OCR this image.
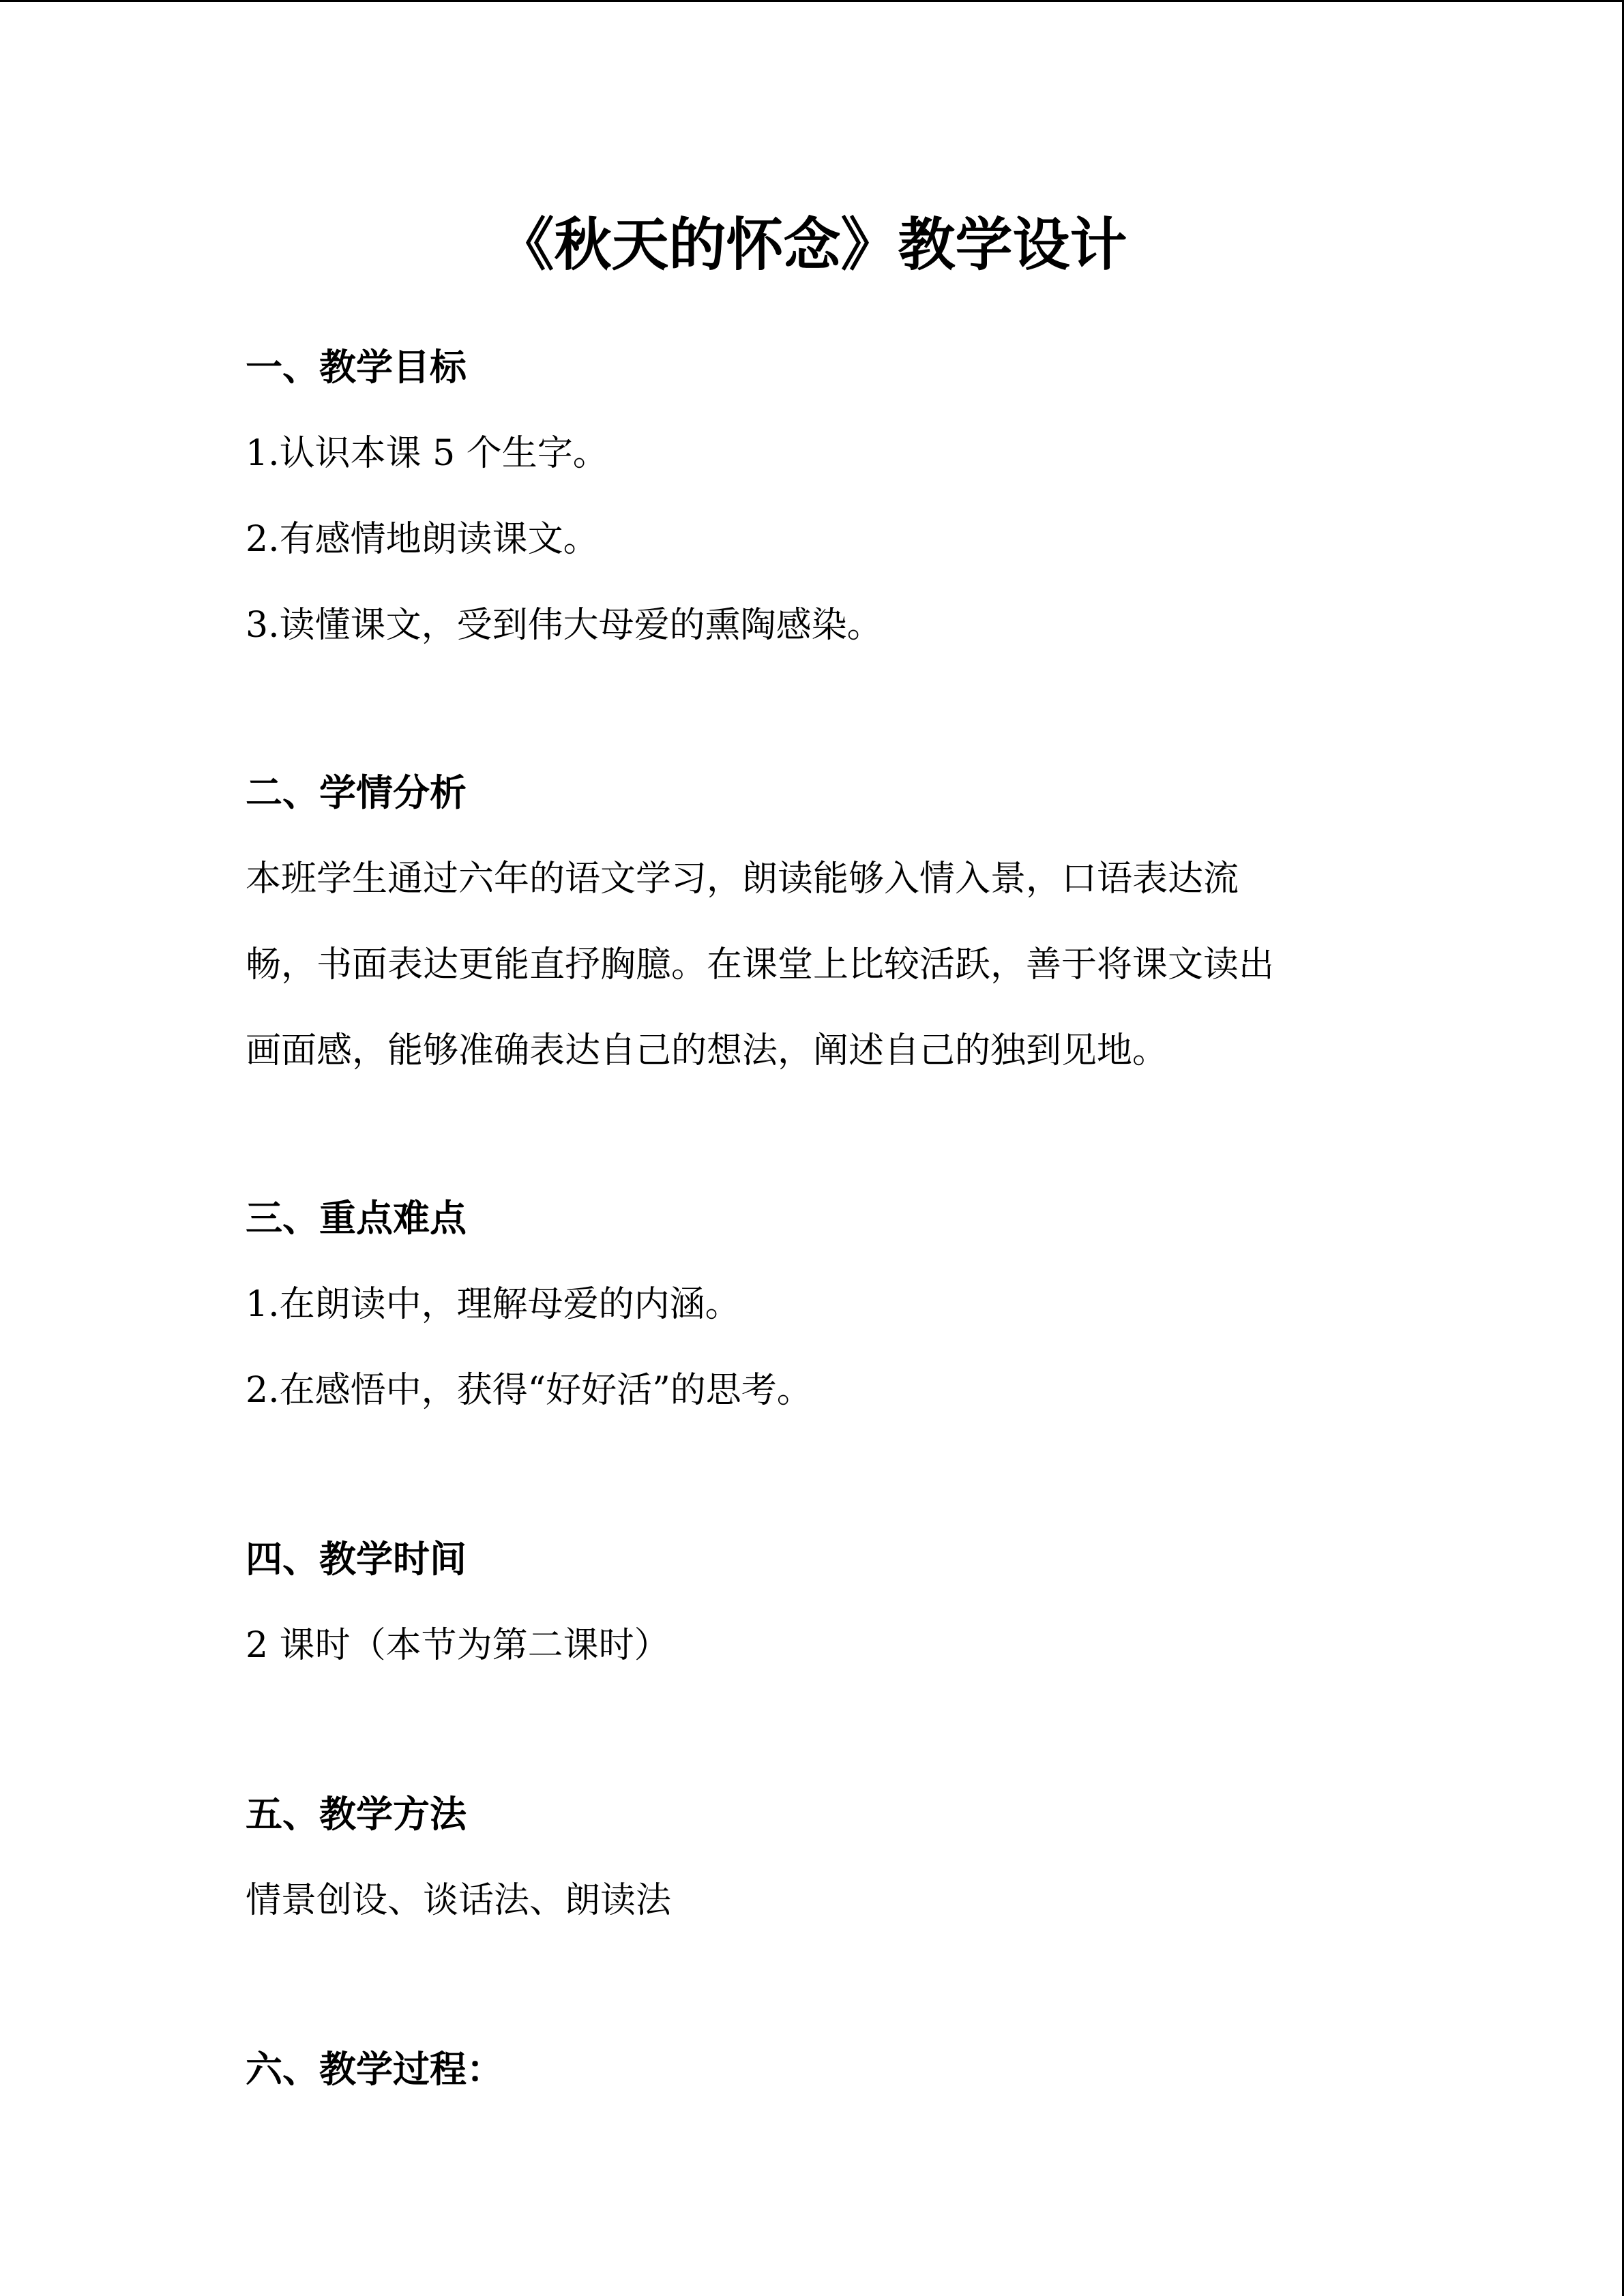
《秋天的怀念》教学设计
一、教学目标
1.认识本课 5 个生字。
2.有感情地朗读课文。
3.读懂课文，受到伟大母爱的熏陶感染。
二、学情分析
本班学生通过六年的语文学习，朗读能够入情入景，口语表达流
畅，书面表达更能直抒胸臆。在课堂上比较活跃，善于将课文读出
画面感，能够准确表达自己的想法，阐述自己的独到见地。
三、重点难点
1.在朗读中，理解母爱的内涵。
2.在感悟中，获得“好好活”的思考。
四、教学时间
2 课时（本节为第二课时）
五、教学方法
情景创设、谈话法、朗读法
六、教学过程：
